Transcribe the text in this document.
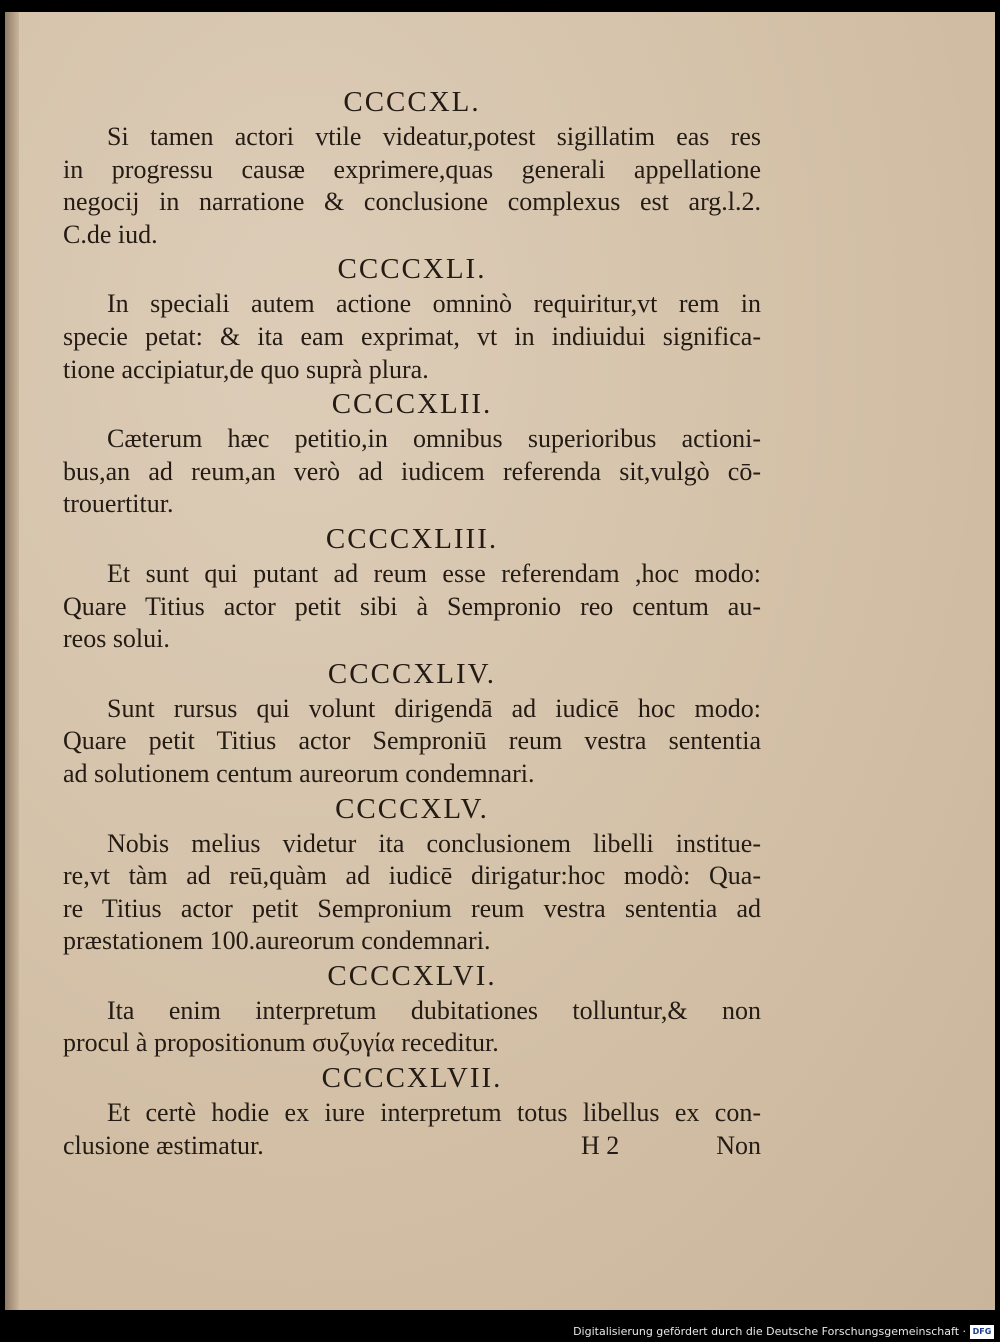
CCCCXL.
Si tamen actori vtile videatur,potest sigillatim eas res
in progressu causæ exprimere,quas generali appellatione
negocij in narratione & conclusione complexus est arg.l.2.
C.de iud.
CCCCXLI.
In speciali autem actione omninò requiritur,vt rem in
specie petat: & ita eam exprimat, vt in indiuidui significa-
tione accipiatur,de quo suprà plura.
CCCCXLII.
Cæterum hæc petitio,in omnibus superioribus actioni-
bus,an ad reum,an verò ad iudicem referenda sit,vulgò cō-
trouertitur.
CCCCXLIII.
Et sunt qui putant ad reum esse referendam ,hoc modo:
Quare Titius actor petit sibi à Sempronio reo centum au-
reos solui.
CCCCXLIV.
Sunt rursus qui volunt dirigendā ad iudicē hoc modo:
Quare petit Titius actor Semproniū reum vestra sententia
ad solutionem centum aureorum condemnari.
CCCCXLV.
Nobis melius videtur ita conclusionem libelli institue-
re,vt tàm ad reū,quàm ad iudicē dirigatur:hoc modò: Qua-
re Titius actor petit Sempronium reum vestra sententia ad
præstationem 100.aureorum condemnari.
CCCCXLVI.
Ita enim interpretum dubitationes tolluntur,& non
procul à propositionum συζυγία receditur.
CCCCXLVII.
Et certè hodie ex iure interpretum totus libellus ex con-
clusione æstimatur.	H 2	Non
Digitalisierung gefördert durch die Deutsche Forschungsgemeinschaft · DFG
